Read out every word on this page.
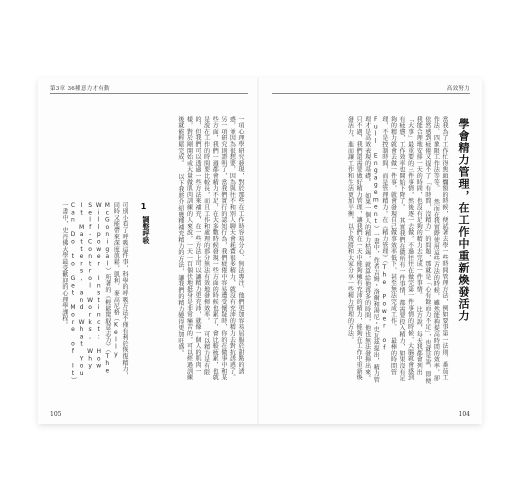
第3章 36種意力才有動
一項心理學研究發現，對於那些在工作時容易分心、無法專注、他們更加容易屈服於甜點的誘惑，並因為很想要，因為與往不和別人聊天會耗費很多精力，就沒有充沛的精力去對抗誘惑了。 另一項研究則證明了，當我們實行的認知行為，我們疲倦中容易遭受懷疑時，你的在做事中和某些方面，我們一週都會精力不足，在大多數時候發現一些方面的時候也累了，會比較疲累，也就是說在工作的時間要比較長，而且工作和處理的部分無法有效地發揮效率。 可以精力是有限的，但我們可以透過一些方法來補充，在一些方法上可以讓精力更充沛，就像一個人的肌肉一樣，對於剛開始或大量做肌肉訓練的人來說，一天一百個伏地挺身是非常痛苦的，可以經過訓練後就能輕鬆完成。 以下我將介紹幾種補充精力的方法，讓我們的精力變得更加旺盛。
1.
調整呼吸
可別小看了呼吸這件事，科學的呼吸方法不僅有利於恢復精力，同時又能帶來深度放鬆，凱利．麥高尼格（Kelly McGonigal）所著的《輕鬆駕馭意志力》（The Willpower Instinct: How Self-Control Works, Why It Matters, and What You Can Do to Get More of It）一書中，史丹佛大學最受歡迎的心理學課程。
105
高效努力
學會精力管理，在工作中重新煥發活力
當我為了工作忙得焦頭爛額的時候，便試著去學一些時間管理方法，例如要事第一法則、番茄工作法、四象限工作法等等。 然而在我實際使用這些方法的時候，雖然能夠提高時間的效率，卻依然感到疲倦又提不了「有時間，沒精力」的問題，那就是「心有餘而力不足」，也就是說，即便我能合理地安排一天的時間，也沒有足夠的精力去完成一件事情。 比方說，每天我都會列出「大事」最重要的三件事情，然後逐一去做，不過往往在做完第一件事情的時候，大腦就會感到有疲憊，工作效率也開始下降了。 其實我們在做所有一件事情，都需要投入精力，如果沒有足夠的精力就會去做一件事，就會發現自己做事效率低下，甚至無法完成工作。 最棒的時間管理，不是控制時間，而是管理精力。在《精力管理》（The Power of Full Engagement）一書中，作者吉姆・洛爾和湯尼・史瓦茲提出，精力管理才是高效表現的基礎。 如果一個人的精力枯竭，就算給他再多的時間，他也無法發揮出來。 只不過，我們還需要做好精力管理，讓我們在一天中能夠擁有充沛的精力，能夠在工作中重新煥發活力，進而讓工作和生活更加平衡，以下我將和大家分享一些精力管理的方法。
104
